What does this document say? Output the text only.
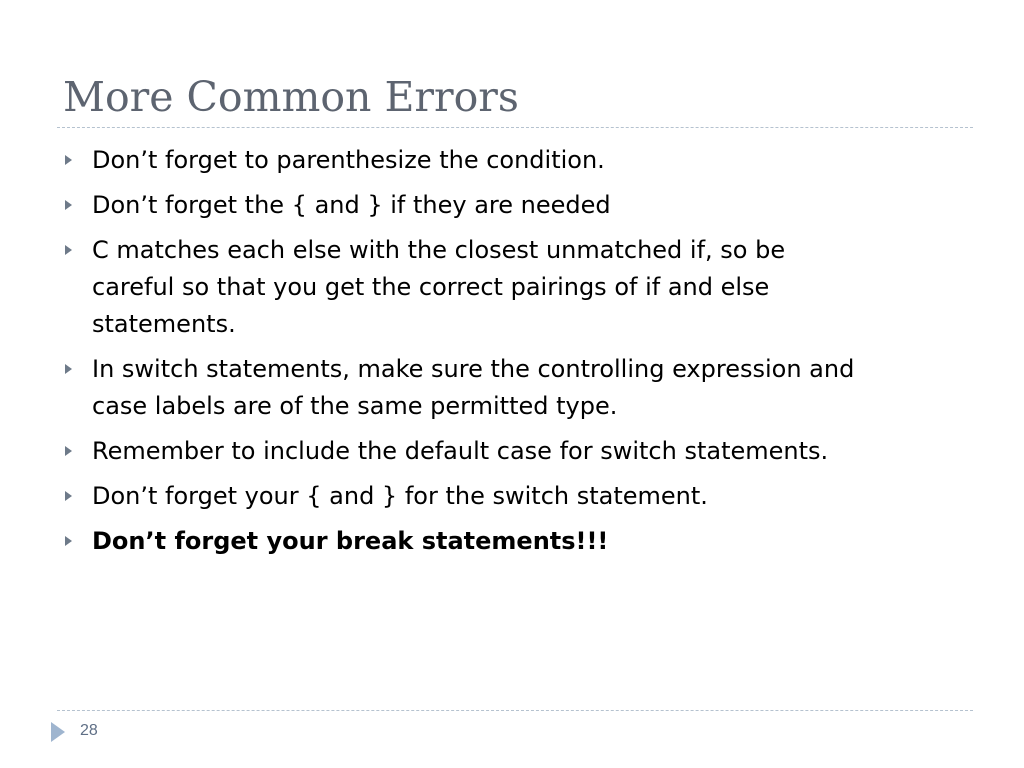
More Common Errors
Don’t forget to parenthesize the condition.
Don’t forget the { and } if they are needed
C matches each else with the closest unmatched if, so be
careful so that you get the correct pairings of if and else
statements.
In switch statements, make sure the controlling expression and
case labels are of the same permitted type.
Remember to include the default case for switch statements.
Don’t forget your { and } for the switch statement.
Don’t forget your break statements!!!
28
